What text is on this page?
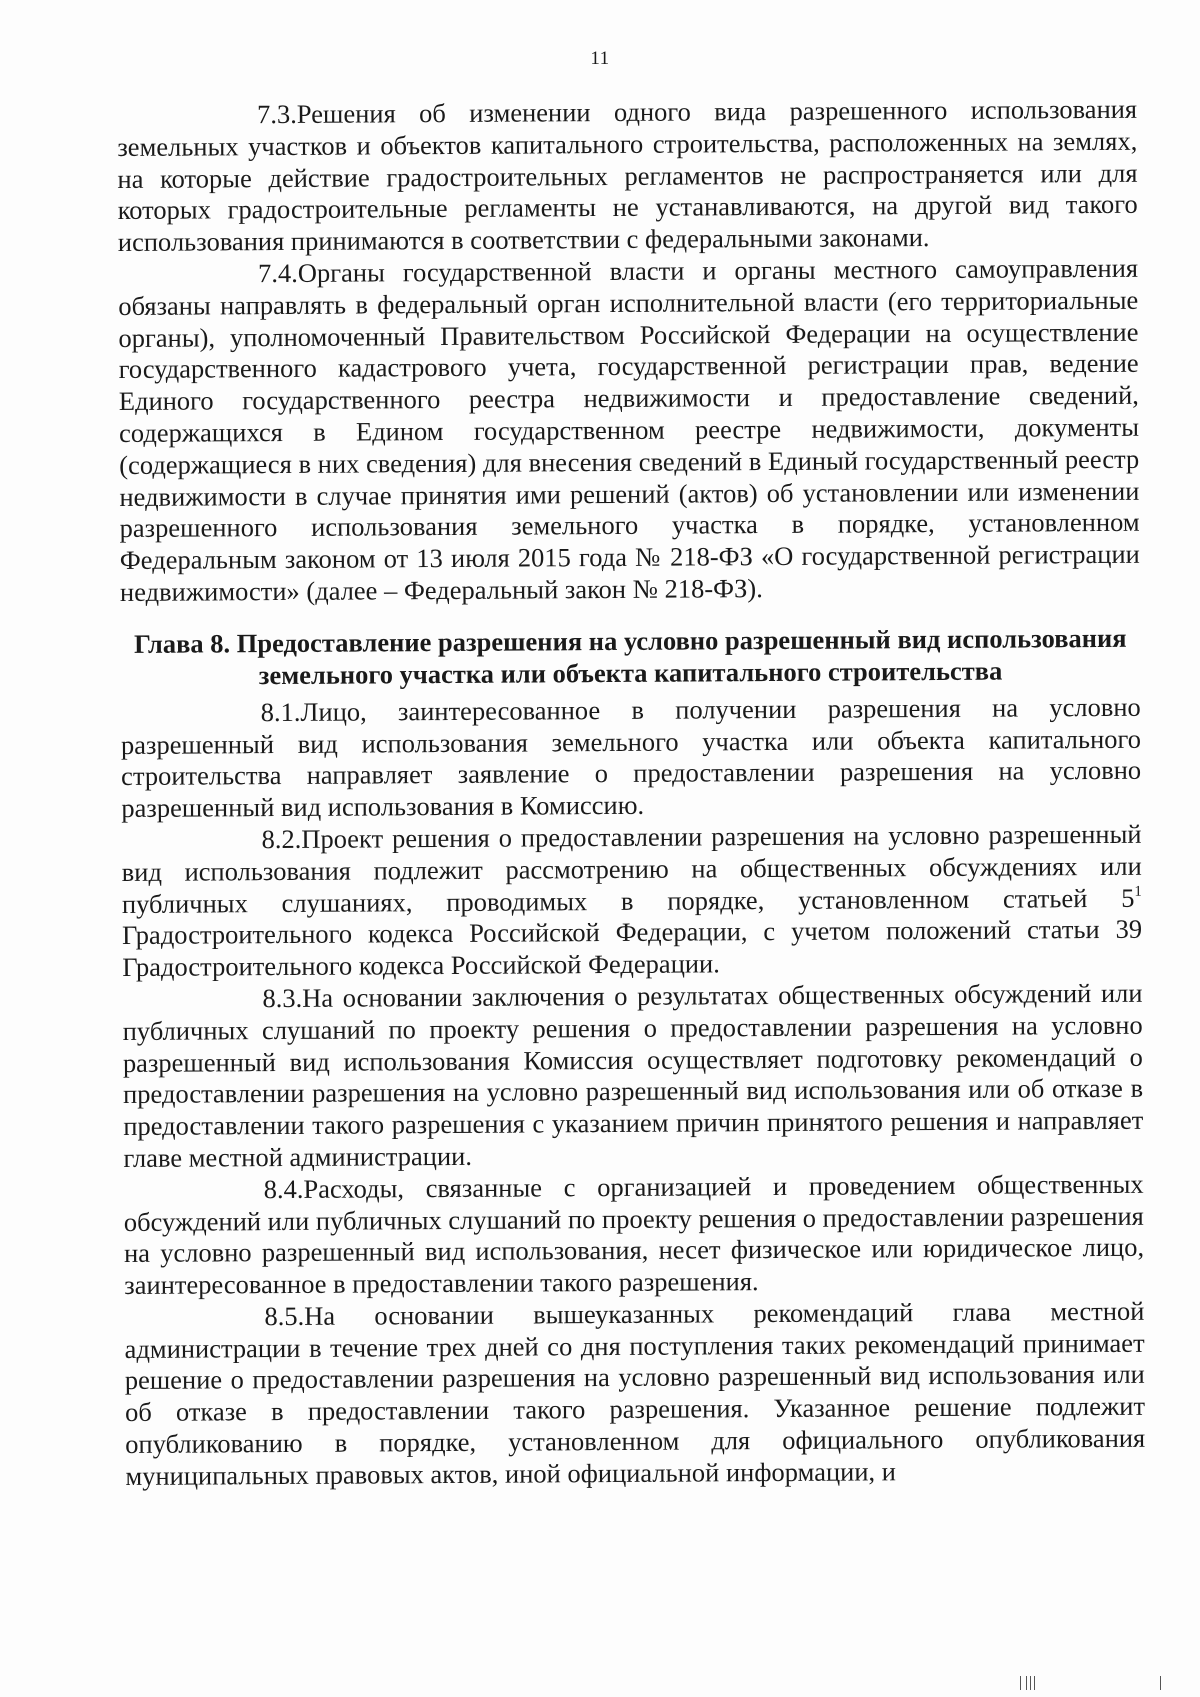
11

7.3.Решения об изменении одного вида разрешенного использования земельных участков и объектов капитального строительства, расположенных на землях, на которые действие градостроительных регламентов не распространяется или для которых градостроительные регламенты не устанавливаются, на другой вид такого использования принимаются в соответствии с федеральными законами.

7.4.Органы государственной власти и органы местного самоуправления обязаны направлять в федеральный орган исполнительной власти (его территориальные органы), уполномоченный Правительством Российской Федерации на осуществление государственного кадастрового учета, государственной регистрации прав, ведение Единого государственного реестра недвижимости и предоставление сведений, содержащихся в Едином государственном реестре недвижимости, документы (содержащиеся в них сведения) для внесения сведений в Единый государственный реестр недвижимости в случае принятия ими решений (актов) об установлении или изменении разрешенного использования земельного участка в порядке, установленном Федеральным законом от 13 июля 2015 года № 218-ФЗ «О государственной регистрации недвижимости» (далее – Федеральный закон № 218-ФЗ).

Глава 8. Предоставление разрешения на условно разрешенный вид использования земельного участка или объекта капитального строительства

8.1.Лицо, заинтересованное в получении разрешения на условно разрешенный вид использования земельного участка или объекта капитального строительства направляет заявление о предоставлении разрешения на условно разрешенный вид использования в Комиссию.

8.2.Проект решения о предоставлении разрешения на условно разрешенный вид использования подлежит рассмотрению на общественных обсуждениях или публичных слушаниях, проводимых в порядке, установленном статьей $5^1$ Градостроительного кодекса Российской Федерации, с учетом положений статьи 39 Градостроительного кодекса Российской Федерации.

8.3.На основании заключения о результатах общественных обсуждений или публичных слушаний по проекту решения о предоставлении разрешения на условно разрешенный вид использования Комиссия осуществляет подготовку рекомендаций о предоставлении разрешения на условно разрешенный вид использования или об отказе в предоставлении такого разрешения с указанием причин принятого решения и направляет главе местной администрации.

8.4.Расходы, связанные с организацией и проведением общественных обсуждений или публичных слушаний по проекту решения о предоставлении разрешения на условно разрешенный вид использования, несет физическое или юридическое лицо, заинтересованное в предоставлении такого разрешения.

8.5.На основании вышеуказанных рекомендаций глава местной администрации в течение трех дней со дня поступления таких рекомендаций принимает решение о предоставлении разрешения на условно разрешенный вид использования или об отказе в предоставлении такого разрешения. Указанное решение подлежит опубликованию в порядке, установленном для официального опубликования муниципальных правовых актов, иной официальной информации, и
